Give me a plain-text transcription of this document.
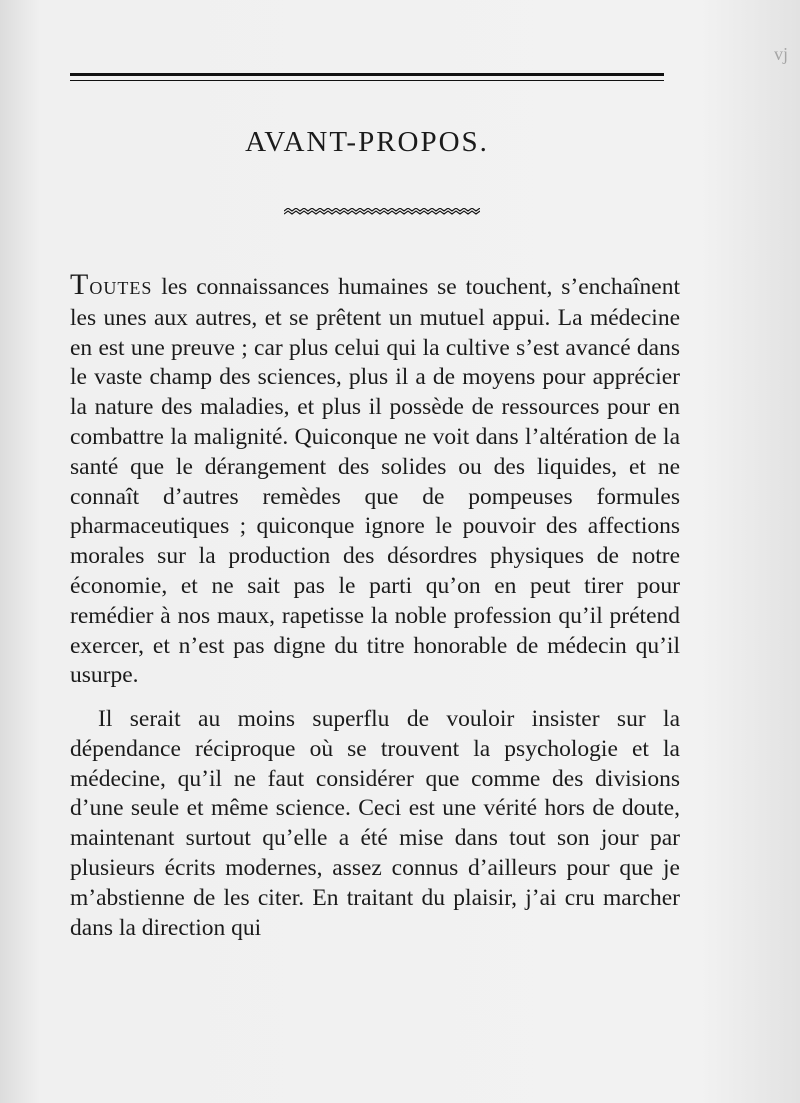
vj
AVANT-PROPOS.

TOUTES les connaissances humaines se touchent, s’enchaînent les unes aux autres, et se prêtent un mutuel appui. La médecine en est une preuve ; car plus celui qui la cultive s’est avancé dans le vaste champ des sciences, plus il a de moyens pour apprécier la nature des maladies, et plus il possède de ressources pour en combattre la malignité. Quiconque ne voit dans l’altération de la santé que le dérangement des solides ou des liquides, et ne connaît d’autres remèdes que de pompeuses formules pharmaceutiques ; quiconque ignore le pouvoir des affections morales sur la production des désordres physiques de notre économie, et ne sait pas le parti qu’on en peut tirer pour remédier à nos maux, rapetisse la noble profession qu’il prétend exercer, et n’est pas digne du titre honorable de médecin qu’il usurpe.

Il serait au moins superflu de vouloir insister sur la dépendance réciproque où se trouvent la psychologie et la médecine, qu’il ne faut considérer que comme des divisions d’une seule et même science. Ceci est une vérité hors de doute, maintenant surtout qu’elle a été mise dans tout son jour par plusieurs écrits modernes, assez connus d’ailleurs pour que je m’abstienne de les citer. En traitant du plaisir, j’ai cru marcher dans la direction qui
